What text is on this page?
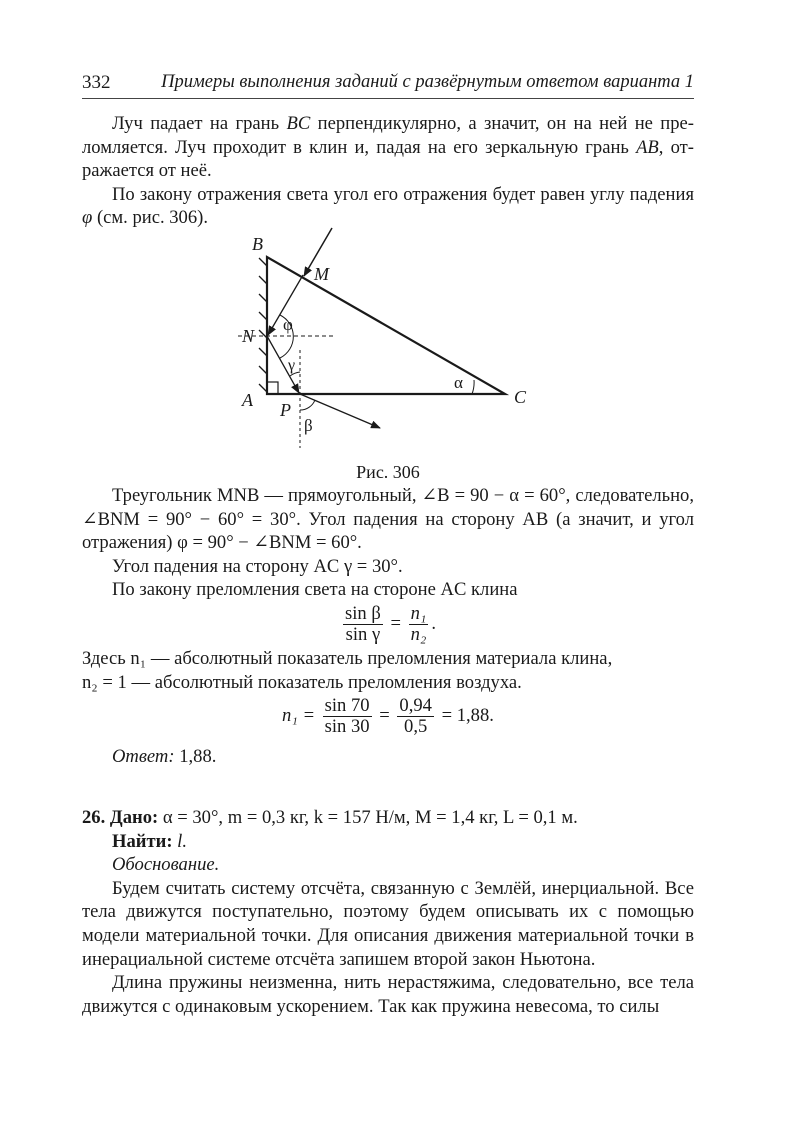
332	Примеры выполнения заданий с развёрнутым ответом варианта 1

Луч падает на грань BC перпендикулярно, а значит, он на ней не преломляется. Луч проходит в клин и, падая на его зеркальную грань AB, отражается от неё.

По закону отражения света угол его отражения будет равен углу падения φ (см. рис. 306).

B
M
N
A P
C
φ
γ
β
α
Рис. 306

Треугольник MNB — прямоугольный, ∠B = 90 − α = 60°, следовательно, ∠BNM = 90° − 60° = 30°. Угол падения на сторону AB (а значит, и угол отражения) φ = 90° − ∠BNM = 60°.

Угол падения на сторону AC γ = 30°.

По закону преломления света на стороне AC клина

$\frac{\text{sin β}}{\text{sin γ}} = \frac{\text{n₁}}{\text{n₂}}$ .

Здесь n₁ — абсолютный показатель преломления материала клина,

n₂ = 1 — абсолютный показатель преломления воздуха.

$n_1 = \frac{\sin 70}{\sin 30} = \frac{0,94}{0,5} = 1,88$.

Ответ: 1,88.

26. Дано: α = 30°, m = 0,3 кг, k = 157 Н/м, M = 1,4 кг, L = 0,1 м.

Найти: l.

Обоснование.

Будем считать систему отсчёта, связанную с Землёй, инерциальной. Все тела движутся поступательно, поэтому будем описывать их с помощью модели материальной точки. Для описания движения материальной точки в инерациальной системе отсчёта запишем второй закон Ньютона.

Длина пружины неизменна, нить нерастяжима, следовательно, все тела движутся с одинаковым ускорением. Так как пружина невесома, то силы
